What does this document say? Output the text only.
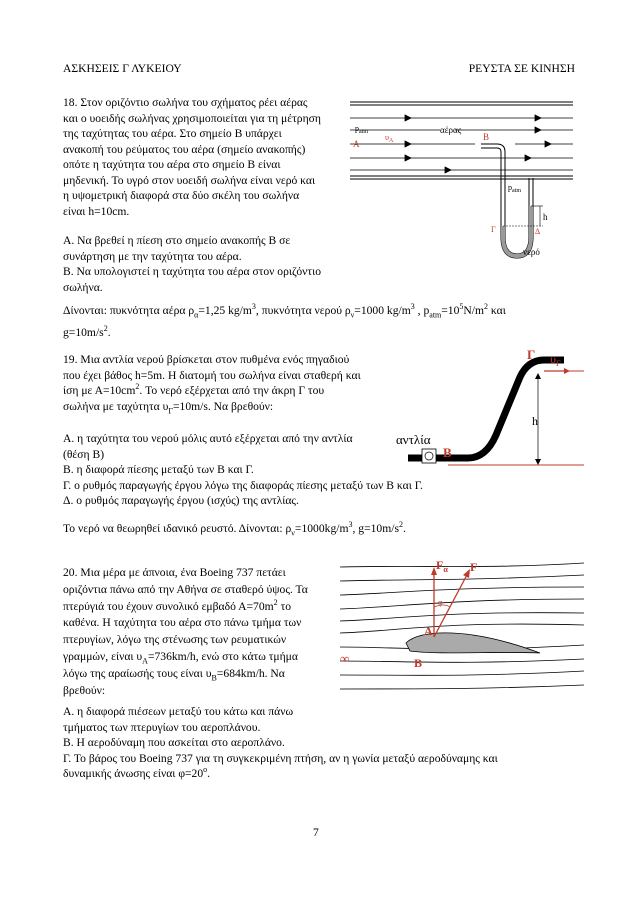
ΑΣΚΗΣΕΙΣ Γ ΛΥΚΕΙΟΥ	ΡΕΥΣΤΑ ΣΕ ΚΙΝΗΣΗ
18. Στον οριζόντιο σωλήνα του σχήματος ρέει αέρας
και ο υοειδής σωλήνας χρησιμοποιείται για τη μέτρηση
της ταχύτητας του αέρα. Στο σημείο Β υπάρχει
ανακοπή του ρεύματος του αέρα (σημείο ανακοπής)
οπότε η ταχύτητα του αέρα στο σημείο Β είναι
μηδενική. Το υγρό στον υοειδή σωλήνα είναι νερό και
η υψομετρική διαφορά στα δύο σκέλη του σωλήνα
είναι h=10cm.
Α. Να βρεθεί η πίεση στο σημείο ανακοπής Β σε
συνάρτηση με την ταχύτητα του αέρα.
Β. Να υπολογιστεί η ταχύτητα του αέρα στον οριζόντιο
σωλήνα.
Δίνονται: πυκνότητα αέρα $\rho_\alpha=1,25$ $kg/m^3$, πυκνότητα νερού $\rho_\nu=1000$ $kg/m^3$ , $p_{atm}=10^5N/m^2$ και
$g=10m/s^2$.
h
$p_{atm}$	αέρας
Α
$\upsilon_A$	Β
$p_{atm}$
Γ	Δ
νερό
19. Μια αντλία νερού βρίσκεται στον πυθμένα ενός πηγαδιού
που έχει βάθος h=5m. Η διατομή του σωλήνα είναι σταθερή και
ίση με $A=10cm^2$. Το νερό εξέρχεται από την άκρη Γ του
σωλήνα με ταχύτητα $\upsilon_\Gamma=10m/s$. Να βρεθούν:
Α. η ταχύτητα του νερού μόλις αυτό εξέρχεται από την αντλία
(θέση Β)
Β. η διαφορά πίεσης μεταξύ των Β και Γ.
Γ. ο ρυθμός παραγωγής έργου λόγω της διαφοράς πίεσης μεταξύ των Β και Γ.
Δ. ο ρυθμός παραγωγής έργου (ισχύς) της αντλίας.
Το νερό να θεωρηθεί ιδανικό ρευστό. Δίνονται: $\rho_\nu=1000kg/m^3$, $g=10m/s^2$.
Γ $\upsilon_\Gamma$
h
αντλία
Β
20. Μια μέρα με άπνοια, ένα Boeing 737 πετάει
οριζόντια πάνω από την Αθήνα σε σταθερό ύψος. Τα
πτερύγιά του έχουν συνολικό εμβαδό $A=70m^2$ το
καθένα. Η ταχύτητα του αέρα στο πάνω τμήμα των
πτερυγίων, λόγω της στένωσης των ρευματικών
γραμμών, είναι $\upsilon_A=736km/h$, ενώ στο κάτω τμήμα
λόγω της αραίωσής τους είναι $\upsilon_B=684km/h$. Να
βρεθούν:
Α. η διαφορά πιέσεων μεταξύ του κάτω και πάνω
τμήματος των πτερυγίων του αεροπλάνου.
Β. Η αεροδύναμη που ασκείται στο αεροπλάνο.
Γ. Το βάρος του Boeing 737 για τη συγκεκριμένη πτήση, αν η γωνία μεταξύ αεροδύναμης και
δυναμικής άνωσης είναι $\varphi=20^o$.
φ
$F_\alpha$ F
Α
Β
∞
7
